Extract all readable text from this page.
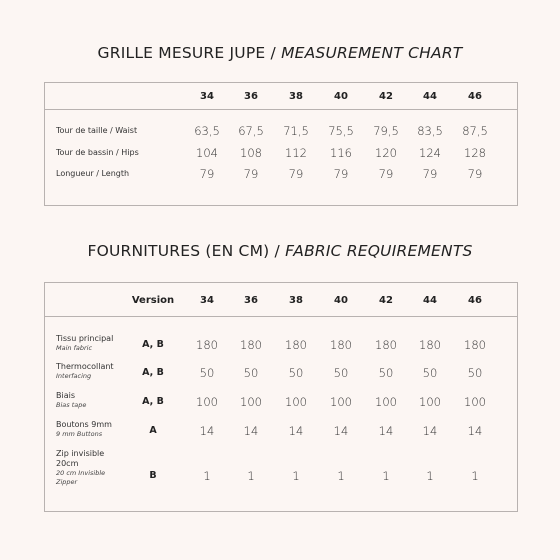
GRILLE MESURE JUPE / MEASUREMENT CHART
34	36	38	40	42	44	46
Tour de taille / Waist	63,5 67,5 71,5 75,5 79,5 83,5 87,5
Tour de bassin / Hips	104 108 112 116 120 124 128
Longueur / Length	79	79	79	79	79	79	79
FOURNITURES (EN CM) / FABRIC REQUIREMENTS
Version	34	36	38	40	42	44	46
Tissu principal
Main fabric	A, B	180 180 180 180 180 180 180
Thermocollant
Interfacing	A, B	50	50	50	50	50	50	50
Biais
Bias tape	A, B	100 100 100 100 100 100 100
Boutons 9mm
9 mm Buttons	A	14	14	14	14	14	14	14
Zip invisible 20cm
20 cm Invisible Zipper
B	1	1	1	1	1	1	1
